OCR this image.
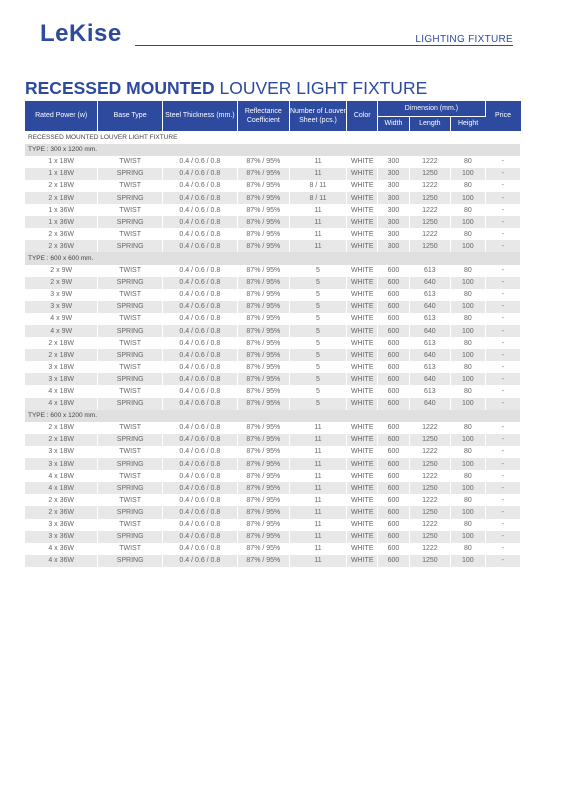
LeKise	LIGHTING FIXTURE
RECESSED MOUNTED LOUVER LIGHT FIXTURE
Rated Power (w)	Base Type	Steel Thickness (mm.)	Reflectance Coefficient	Number of Louver Sheet (pcs.)	Color	Dimension (mm.)			Price
						Width	Length	Height	
RECESSED MOUNTED LOUVER LIGHT FIXTURE									
TYPE : 300 x 1200 mm.									
1 x 18W	TWIST	0.4 / 0.6 / 0.8	87% / 95%	11	WHITE	300	1222	80	-
1 x 18W	SPRING	0.4 / 0.6 / 0.8	87% / 95%	11	WHITE	300	1250	100	-
2 x 18W	TWIST	0.4 / 0.6 / 0.8	87% / 95%	8 / 11	WHITE	300	1222	80	-
2 x 18W	SPRING	0.4 / 0.6 / 0.8	87% / 95%	8 / 11	WHITE	300	1250	100	-
1 x 36W	TWIST	0.4 / 0.6 / 0.8	87% / 95%	11	WHITE	300	1222	80	-
1 x 36W	SPRING	0.4 / 0.6 / 0.8	87% / 95%	11	WHITE	300	1250	100	-
2 x 36W	TWIST	0.4 / 0.6 / 0.8	87% / 95%	11	WHITE	300	1222	80	-
2 x 36W	SPRING	0.4 / 0.6 / 0.8	87% / 95%	11	WHITE	300	1250	100	-
TYPE : 600 x 600 mm.									
2 x 9W	TWIST	0.4 / 0.6 / 0.8	87% / 95%	5	WHITE	600	613	80	-
2 x 9W	SPRING	0.4 / 0.6 / 0.8	87% / 95%	5	WHITE	600	640	100	-
3 x 9W	TWIST	0.4 / 0.6 / 0.8	87% / 95%	5	WHITE	600	613	80	-
3 x 9W	SPRING	0.4 / 0.6 / 0.8	87% / 95%	5	WHITE	600	640	100	-
4 x 9W	TWIST	0.4 / 0.6 / 0.8	87% / 95%	5	WHITE	600	613	80	-
4 x 9W	SPRING	0.4 / 0.6 / 0.8	87% / 95%	5	WHITE	600	640	100	-
2 x 18W	TWIST	0.4 / 0.6 / 0.8	87% / 95%	5	WHITE	600	613	80	-
2 x 18W	SPRING	0.4 / 0.6 / 0.8	87% / 95%	5	WHITE	600	640	100	-
3 x 18W	TWIST	0.4 / 0.6 / 0.8	87% / 95%	5	WHITE	600	613	80	-
3 x 18W	SPRING	0.4 / 0.6 / 0.8	87% / 95%	5	WHITE	600	640	100	-
4 x 18W	TWIST	0.4 / 0.6 / 0.8	87% / 95%	5	WHITE	600	613	80	-
4 x 18W	SPRING	0.4 / 0.6 / 0.8	87% / 95%	5	WHITE	600	640	100	-
TYPE : 600 x 1200 mm.									
2 x 18W	TWIST	0.4 / 0.6 / 0.8	87% / 95%	11	WHITE	600	1222	80	-
2 x 18W	SPRING	0.4 / 0.6 / 0.8	87% / 95%	11	WHITE	600	1250	100	-
3 x 18W	TWIST	0.4 / 0.6 / 0.8	87% / 95%	11	WHITE	600	1222	80	-
3 x 18W	SPRING	0.4 / 0.6 / 0.8	87% / 95%	11	WHITE	600	1250	100	-
4 x 18W	TWIST	0.4 / 0.6 / 0.8	87% / 95%	11	WHITE	600	1222	80	-
4 x 18W	SPRING	0.4 / 0.6 / 0.8	87% / 95%	11	WHITE	600	1250	100	-
2 x 36W	TWIST	0.4 / 0.6 / 0.8	87% / 95%	11	WHITE	600	1222	80	-
2 x 36W	SPRING	0.4 / 0.6 / 0.8	87% / 95%	11	WHITE	600	1250	100	-
3 x 36W	TWIST	0.4 / 0.6 / 0.8	87% / 95%	11	WHITE	600	1222	80	-
3 x 36W	SPRING	0.4 / 0.6 / 0.8	87% / 95%	11	WHITE	600	1250	100	-
4 x 36W	TWIST	0.4 / 0.6 / 0.8	87% / 95%	11	WHITE	600	1222	80	-
4 x 36W	SPRING	0.4 / 0.6 / 0.8	87% / 95%	11	WHITE	600	1250	100	-
